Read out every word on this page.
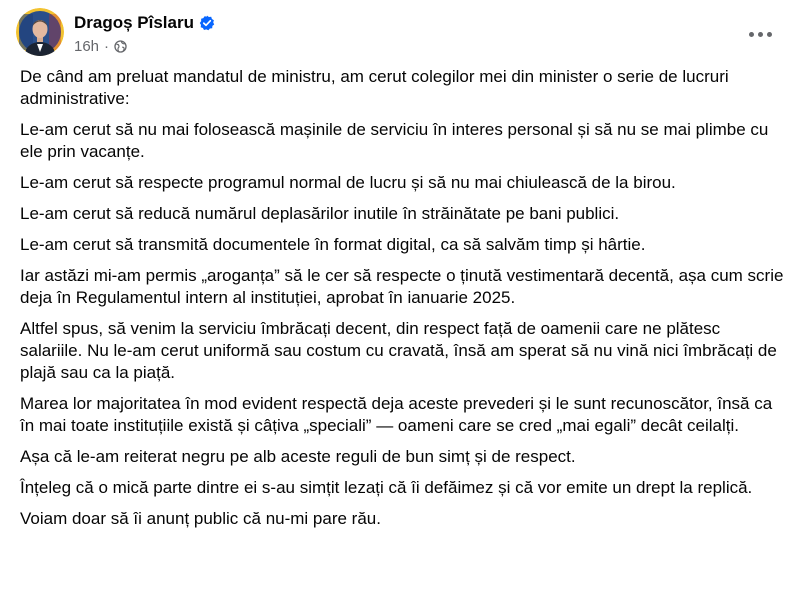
Dragoș Pîslaru
16h ·

De când am preluat mandatul de ministru, am cerut colegilor mei din minister o serie de lucruri administrative:

Le-am cerut să nu mai folosească mașinile de serviciu în interes personal și să nu se mai plimbe cu ele prin vacanțe.

Le-am cerut să respecte programul normal de lucru și să nu mai chiulească de la birou.

Le-am cerut să reducă numărul deplasărilor inutile în străinătate pe bani publici.

Le-am cerut să transmită documentele în format digital, ca să salvăm timp și hârtie.

Iar astăzi mi-am permis „aroganța” să le cer să respecte o ținută vestimentară decentă, așa cum scrie deja în Regulamentul intern al instituției, aprobat în ianuarie 2025.

Altfel spus, să venim la serviciu îmbrăcați decent, din respect față de oamenii care ne plătesc salariile. Nu le-am cerut uniformă sau costum cu cravată, însă am sperat să nu vină nici îmbrăcați de plajă sau ca la piață.

Marea lor majoritatea în mod evident respectă deja aceste prevederi și le sunt recunoscător, însă ca în mai toate instituțiile există și câțiva „speciali” — oameni care se cred „mai egali” decât ceilalți.

Așa că le-am reiterat negru pe alb aceste reguli de bun simț și de respect.

Înțeleg că o mică parte dintre ei s-au simțit lezați că îi defăimez și că vor emite un drept la replică.

Voiam doar să îi anunț public că nu-mi pare rău.
